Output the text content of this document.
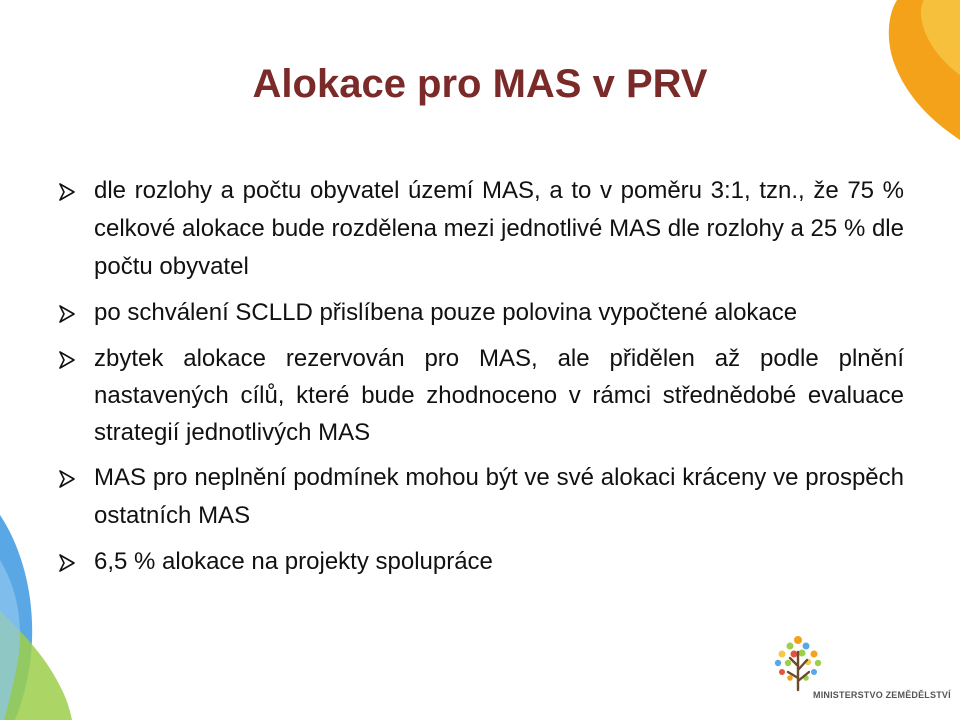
Alokace pro MAS v PRV
dle rozlohy a počtu obyvatel území MAS, a to v poměru 3:1, tzn., že 75 % celkové alokace bude rozdělena mezi jednotlivé MAS dle rozlohy a 25 % dle počtu obyvatel
po schválení SCLLD přislíbena pouze polovina vypočtené alokace
zbytek alokace rezervován pro MAS, ale přidělen až podle plnění nastavených cílů, které bude zhodnoceno v rámci střednědobé evaluace strategií jednotlivých MAS
MAS pro neplnění podmínek mohou být ve své alokaci kráceny ve prospěch ostatních MAS
6,5 % alokace na projekty spolupráce
MINISTERSTVO ZEMĚDĚLSTVÍ
